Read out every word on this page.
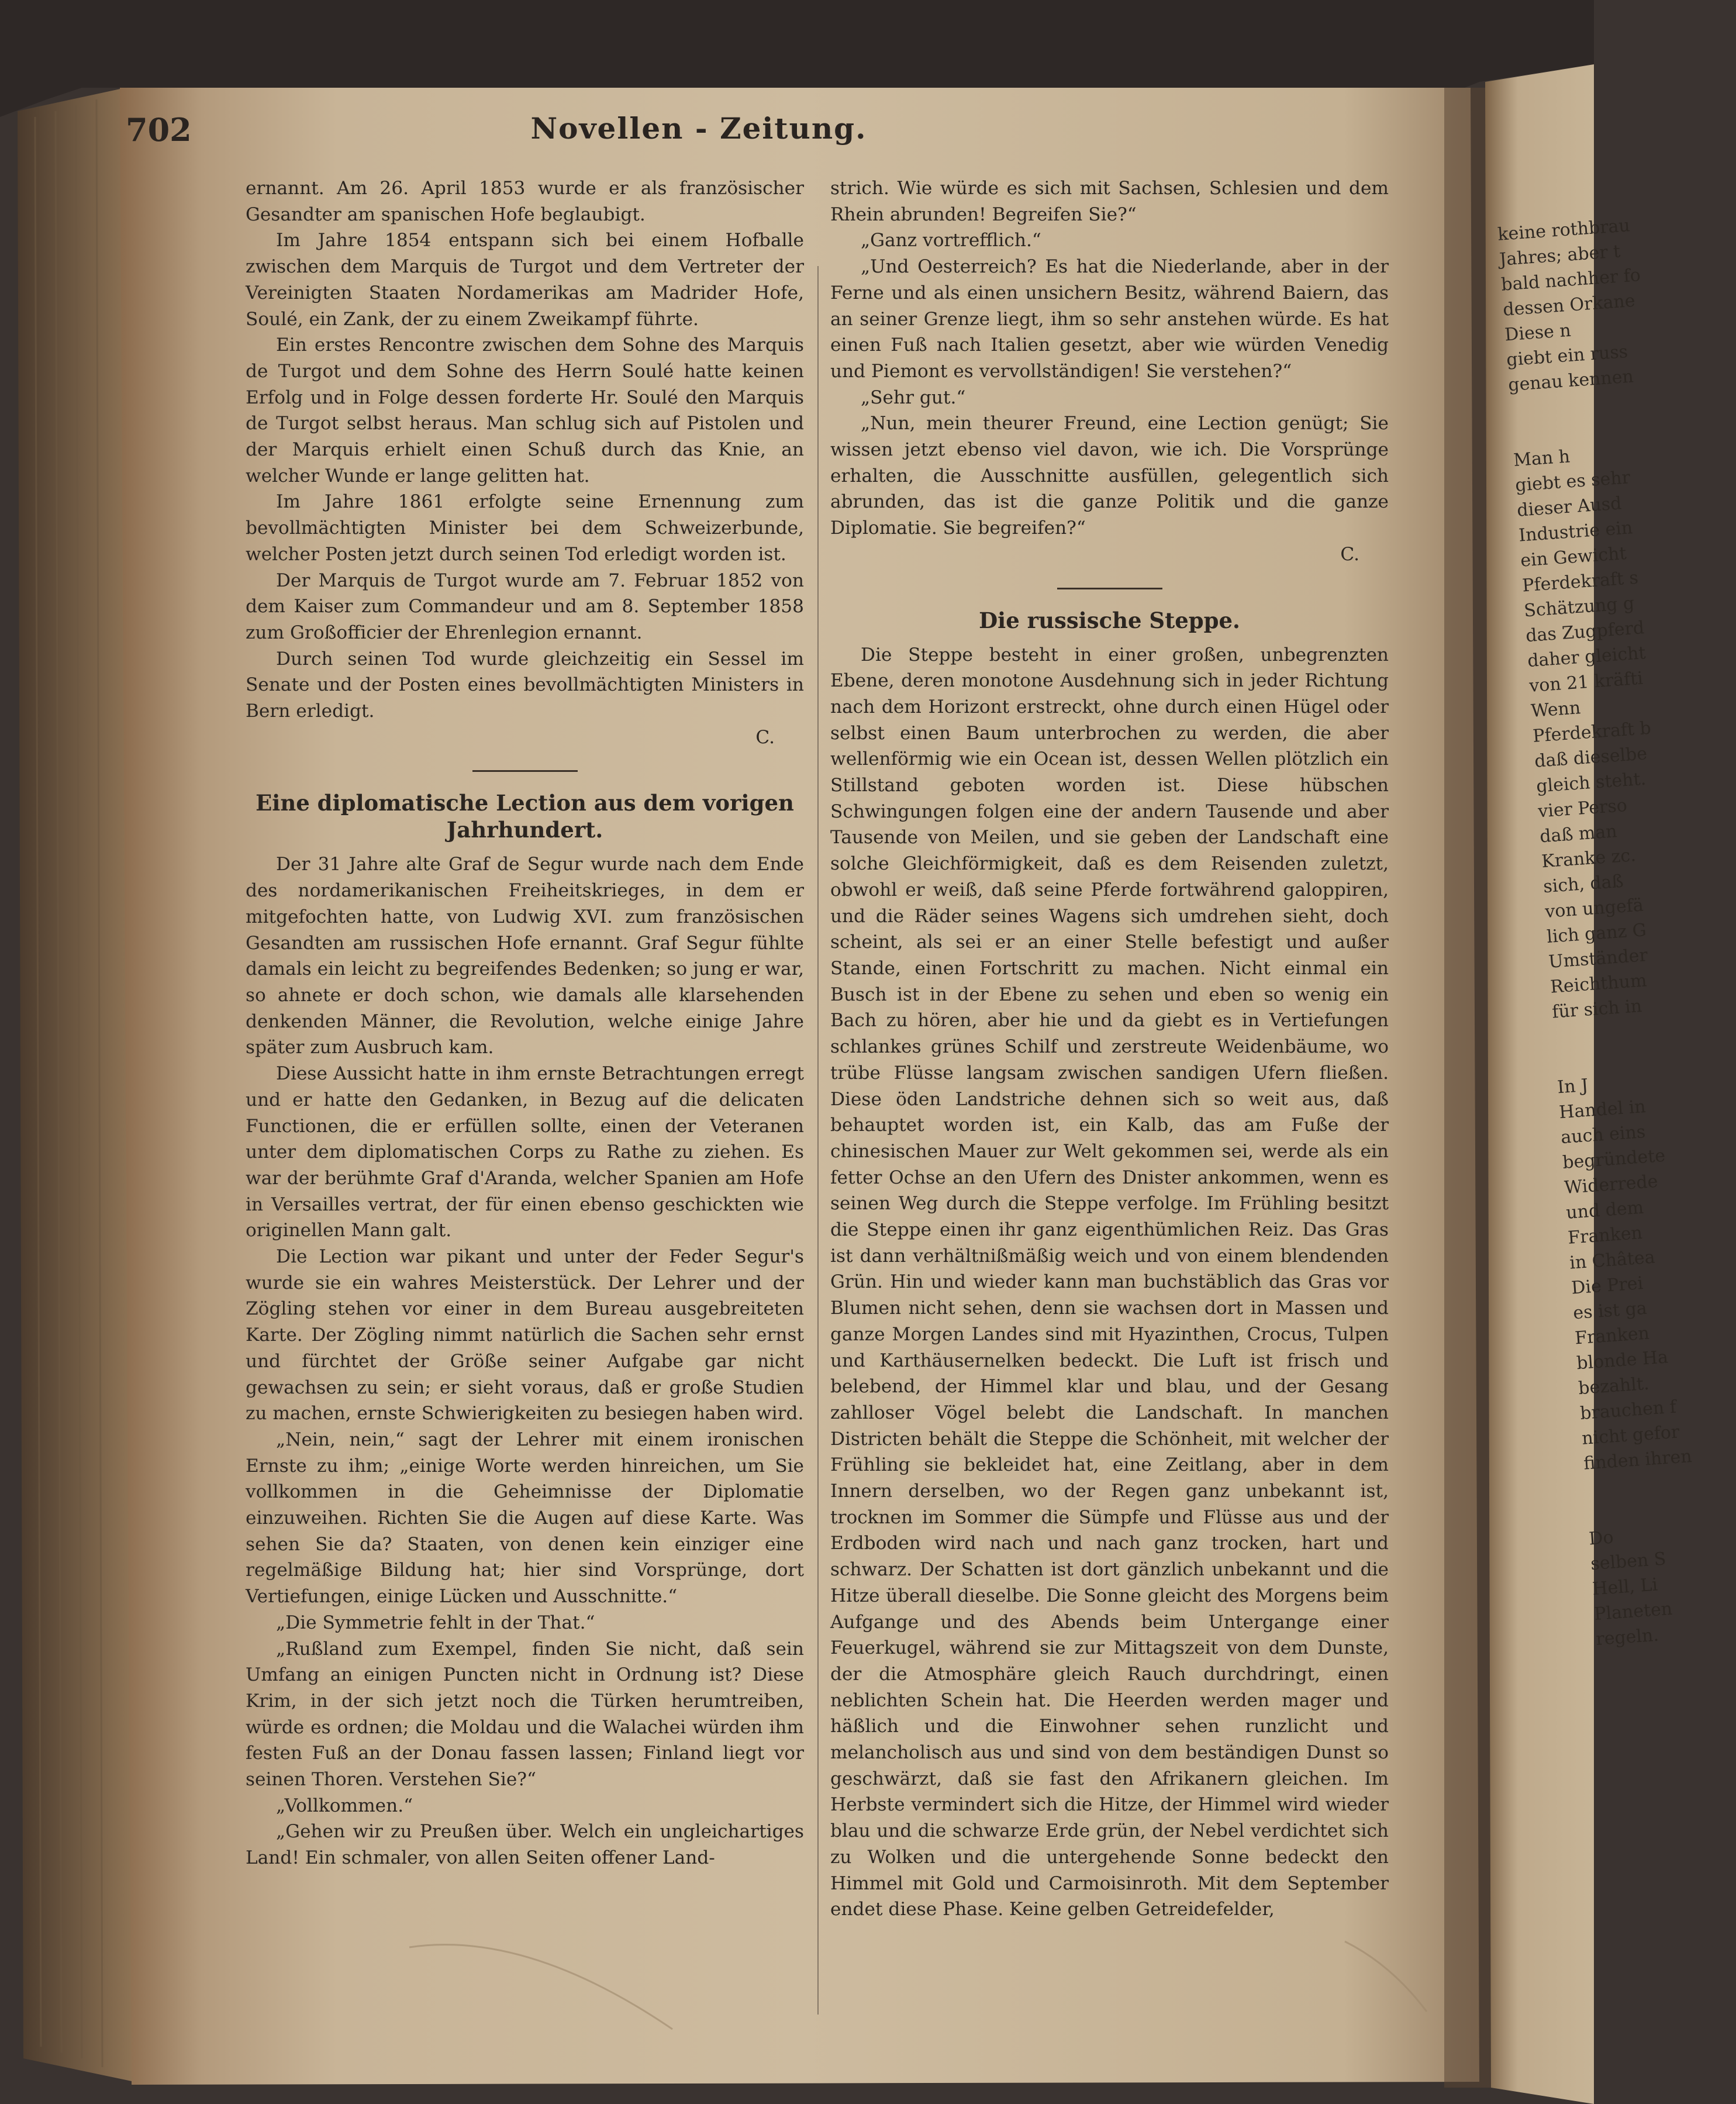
702	Novellen - Zeitung.

ernannt. Am 26. April 1853 wurde er als französischer Gesandter am spanischen Hofe beglaubigt.

Im Jahre 1854 entspann sich bei einem Hofballe zwischen dem Marquis de Turgot und dem Vertreter der Vereinigten Staaten Nordamerikas am Madrider Hofe, Soulé, ein Zank, der zu einem Zweikampf führte.

Ein erstes Rencontre zwischen dem Sohne des Marquis de Turgot und dem Sohne des Herrn Soulé hatte keinen Erfolg und in Folge dessen forderte Hr. Soulé den Marquis de Turgot selbst heraus. Man schlug sich auf Pistolen und der Marquis erhielt einen Schuß durch das Knie, an welcher Wunde er lange gelitten hat.

Im Jahre 1861 erfolgte seine Ernennung zum bevollmächtigten Minister bei dem Schweizerbunde, welcher Posten jetzt durch seinen Tod erledigt worden ist.

Der Marquis de Turgot wurde am 7. Februar 1852 von dem Kaiser zum Commandeur und am 8. September 1858 zum Großofficier der Ehrenlegion ernannt.

Durch seinen Tod wurde gleichzeitig ein Sessel im Senate und der Posten eines bevollmächtigten Ministers in Bern erledigt.

C.

Eine diplomatische Lection aus dem vorigen Jahrhundert.

Der 31 Jahre alte Graf de Segur wurde nach dem Ende des nordamerikanischen Freiheitskrieges, in dem er mitgefochten hatte, von Ludwig XVI. zum französischen Gesandten am russischen Hofe ernannt. Graf Segur fühlte damals ein leicht zu begreifendes Bedenken; so jung er war, so ahnete er doch schon, wie damals alle klarsehenden denkenden Männer, die Revolution, welche einige Jahre später zum Ausbruch kam.

Diese Aussicht hatte in ihm ernste Betrachtungen erregt und er hatte den Gedanken, in Bezug auf die delicaten Functionen, die er erfüllen sollte, einen der Veteranen unter dem diplomatischen Corps zu Rathe zu ziehen. Es war der berühmte Graf d'Aranda, welcher Spanien am Hofe in Versailles vertrat, der für einen ebenso geschickten wie originellen Mann galt.

Die Lection war pikant und unter der Feder Segur's wurde sie ein wahres Meisterstück. Der Lehrer und der Zögling stehen vor einer in dem Bureau ausgebreiteten Karte. Der Zögling nimmt natürlich die Sachen sehr ernst und fürchtet der Größe seiner Aufgabe gar nicht gewachsen zu sein; er sieht voraus, daß er große Studien zu machen, ernste Schwierigkeiten zu besiegen haben wird.

„Nein, nein,“ sagt der Lehrer mit einem ironischen Ernste zu ihm; „einige Worte werden hinreichen, um Sie vollkommen in die Geheimnisse der Diplomatie einzuweihen. Richten Sie die Augen auf diese Karte. Was sehen Sie da? Staaten, von denen kein einziger eine regelmäßige Bildung hat; hier sind Vorsprünge, dort Vertiefungen, einige Lücken und Ausschnitte.“

„Die Symmetrie fehlt in der That.“

„Rußland zum Exempel, finden Sie nicht, daß sein Umfang an einigen Puncten nicht in Ordnung ist? Diese Krim, in der sich jetzt noch die Türken herumtreiben, würde es ordnen; die Moldau und die Walachei würden ihm festen Fuß an der Donau fassen lassen; Finland liegt vor seinen Thoren. Verstehen Sie?“

„Vollkommen.“

„Gehen wir zu Preußen über. Welch ein ungleichartiges Land! Ein schmaler, von allen Seiten offener Land-

strich. Wie würde es sich mit Sachsen, Schlesien und dem Rhein abrunden! Begreifen Sie?“

„Ganz vortrefflich.“

„Und Oesterreich? Es hat die Niederlande, aber in der Ferne und als einen unsichern Besitz, während Baiern, das an seiner Grenze liegt, ihm so sehr anstehen würde. Es hat einen Fuß nach Italien gesetzt, aber wie würden Venedig und Piemont es vervollständigen! Sie verstehen?“

„Sehr gut.“

„Nun, mein theurer Freund, eine Lection genügt; Sie wissen jetzt ebenso viel davon, wie ich. Die Vorsprünge erhalten, die Ausschnitte ausfüllen, gelegentlich sich abrunden, das ist die ganze Politik und die ganze Diplomatie. Sie begreifen?“

C.

Die russische Steppe.

Die Steppe besteht in einer großen, unbegrenzten Ebene, deren monotone Ausdehnung sich in jeder Richtung nach dem Horizont erstreckt, ohne durch einen Hügel oder selbst einen Baum unterbrochen zu werden, die aber wellenförmig wie ein Ocean ist, dessen Wellen plötzlich ein Stillstand geboten worden ist. Diese hübschen Schwingungen folgen eine der andern Tausende und aber Tausende von Meilen, und sie geben der Landschaft eine solche Gleichförmigkeit, daß es dem Reisenden zuletzt, obwohl er weiß, daß seine Pferde fortwährend galoppiren, und die Räder seines Wagens sich umdrehen sieht, doch scheint, als sei er an einer Stelle befestigt und außer Stande, einen Fortschritt zu machen. Nicht einmal ein Busch ist in der Ebene zu sehen und eben so wenig ein Bach zu hören, aber hie und da giebt es in Vertiefungen schlankes grünes Schilf und zerstreute Weidenbäume, wo trübe Flüsse langsam zwischen sandigen Ufern fließen. Diese öden Landstriche dehnen sich so weit aus, daß behauptet worden ist, ein Kalb, das am Fuße der chinesischen Mauer zur Welt gekommen sei, werde als ein fetter Ochse an den Ufern des Dnister ankommen, wenn es seinen Weg durch die Steppe verfolge. Im Frühling besitzt die Steppe einen ihr ganz eigenthümlichen Reiz. Das Gras ist dann verhältnißmäßig weich und von einem blendenden Grün. Hin und wieder kann man buchstäblich das Gras vor Blumen nicht sehen, denn sie wachsen dort in Massen und ganze Morgen Landes sind mit Hyazinthen, Crocus, Tulpen und Karthäusernelken bedeckt. Die Luft ist frisch und belebend, der Himmel klar und blau, und der Gesang zahlloser Vögel belebt die Landschaft. In manchen Districten behält die Steppe die Schönheit, mit welcher der Frühling sie bekleidet hat, eine Zeitlang, aber in dem Innern derselben, wo der Regen ganz unbekannt ist, trocknen im Sommer die Sümpfe und Flüsse aus und der Erdboden wird nach und nach ganz trocken, hart und schwarz. Der Schatten ist dort gänzlich unbekannt und die Hitze überall dieselbe. Die Sonne gleicht des Morgens beim Aufgange und des Abends beim Untergange einer Feuerkugel, während sie zur Mittagszeit von dem Dunste, der die Atmosphäre gleich Rauch durchdringt, einen neblichten Schein hat. Die Heerden werden mager und häßlich und die Einwohner sehen runzlicht und melancholisch aus und sind von dem beständigen Dunst so geschwärzt, daß sie fast den Afrikanern gleichen. Im Herbste vermindert sich die Hitze, der Himmel wird wieder blau und die schwarze Erde grün, der Nebel verdichtet sich zu Wolken und die untergehende Sonne bedeckt den Himmel mit Gold und Carmoisinroth. Mit dem September endet diese Phase. Keine gelben Getreidefelder,

keine rothbrau
Jahres; aber t
bald nachher fo
dessen Orkane
Diese n
giebt ein russ
genau kennen
Man h
giebt es sehr
dieser Ausd
Industrie ein
ein Gewicht
Pferdekraft s
Schätzung g
das Zugpferd
daher gleicht
von 21 kräfti
Wenn
Pferdekraft b
daß dieselbe
gleich steht.
vier Perso
daß man
Kranke zc.
sich, daß
von ungefä
lich ganz G
Umständer
Reichthum
für sich in
In J
Handel in
auch eins
begründete
Widerrede
und dem
Franken
in Châtea
Die Prei
es ist ga
Franken
blonde Ha
bezahlt.
brauchen f
nicht gefor
finden ihren
Do
selben S
Hell, Li
Planeten
regeln.
